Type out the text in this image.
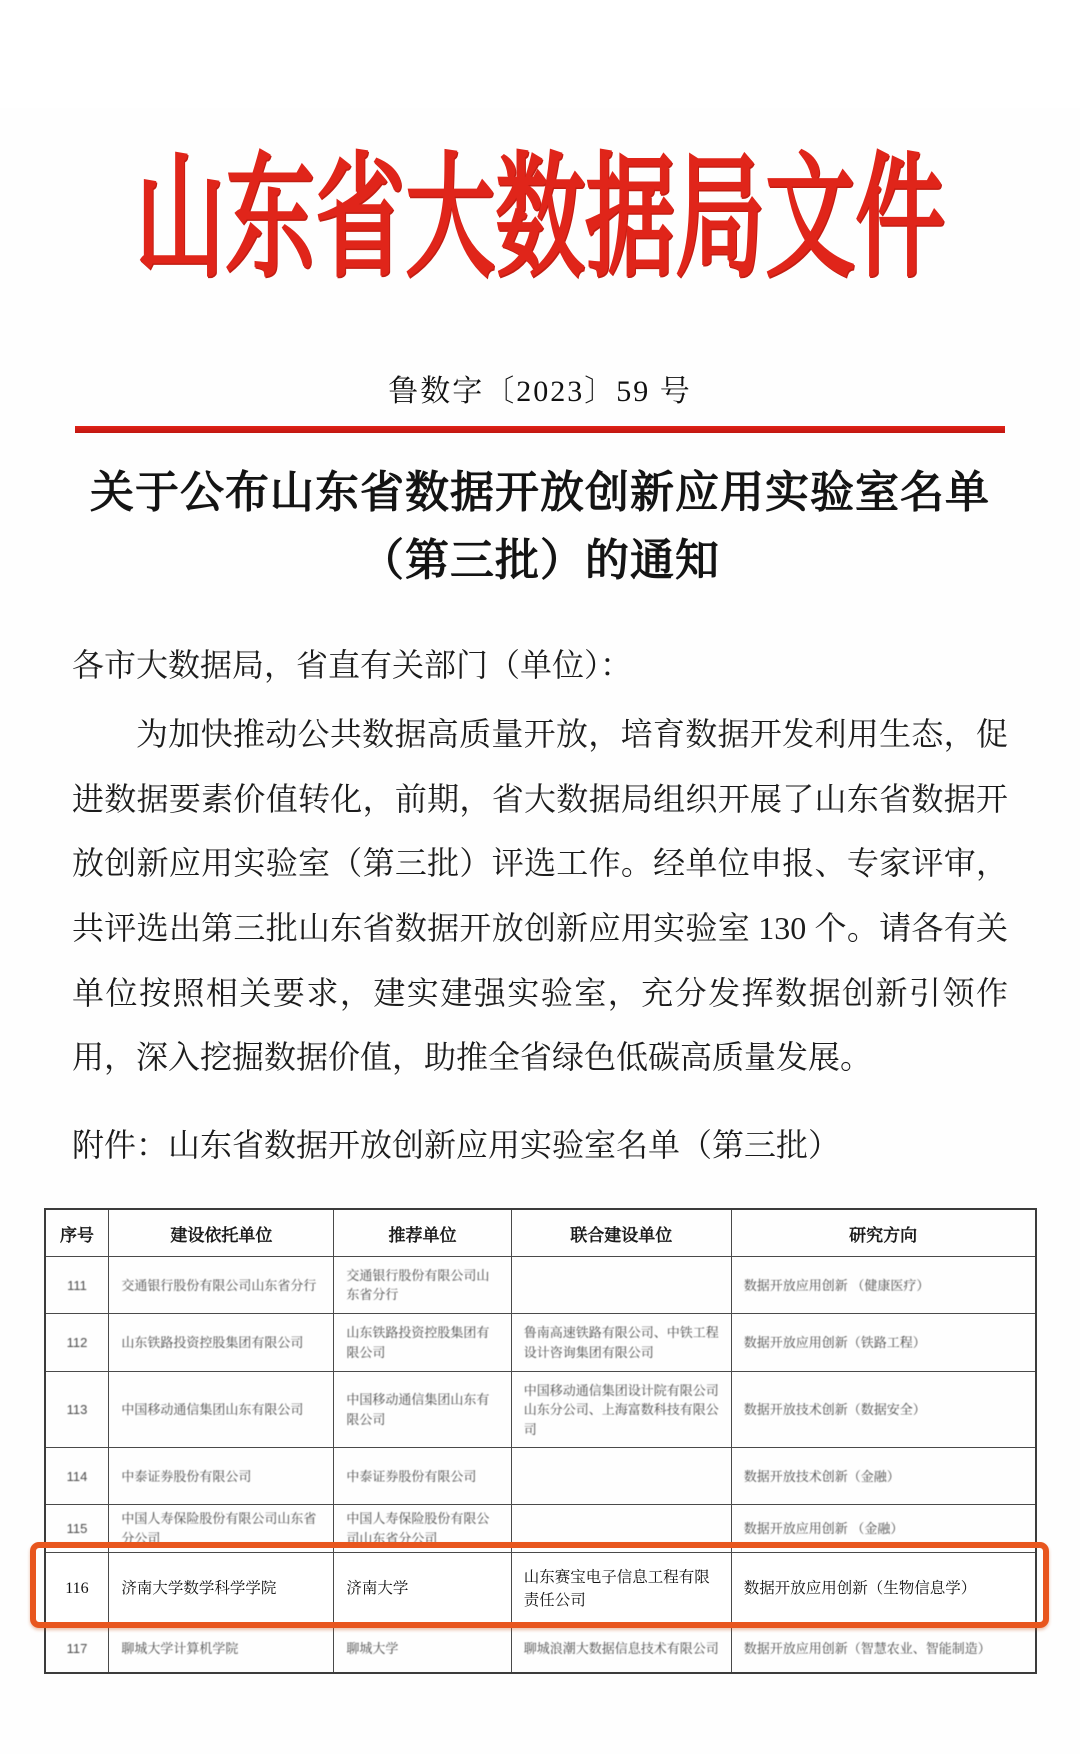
山东省大数据局文件
鲁数字〔2023〕59 号
关于公布山东省数据开放创新应用实验室名单
（第三批）的通知
各市大数据局，省直有关部门（单位）：
为加快推动公共数据高质量开放，培育数据开发利用生态，促进数据要素价值转化，前期，省大数据局组织开展了山东省数据开放创新应用实验室（第三批）评选工作。经单位申报、专家评审，共评选出第三批山东省数据开放创新应用实验室 130 个。请各有关单位按照相关要求，建实建强实验室，充分发挥数据创新引领作用，深入挖掘数据价值，助推全省绿色低碳高质量发展。
附件：山东省数据开放创新应用实验室名单（第三批）
序号	建设依托单位	推荐单位	联合建设单位	研究方向
111	交通银行股份有限公司山东省分行	交通银行股份有限公司山东省分行		数据开放应用创新 （健康医疗）
112	山东铁路投资控股集团有限公司	山东铁路投资控股集团有限公司	鲁南高速铁路有限公司、中铁工程设计咨询集团有限公司	数据开放应用创新（铁路工程）
113	中国移动通信集团山东有限公司	中国移动通信集团山东有限公司	中国移动通信集团设计院有限公司山东分公司、上海富数科技有限公司	数据开放技术创新（数据安全）
114	中泰证券股份有限公司	中泰证券股份有限公司		数据开放技术创新（金融）
115	中国人寿保险股份有限公司山东省分公司	中国人寿保险股份有限公司山东省分公司		数据开放应用创新 （金融）
116	济南大学数学科学学院	济南大学	山东赛宝电子信息工程有限责任公司	数据开放应用创新（生物信息学）
117	聊城大学计算机学院	聊城大学	聊城浪潮大数据信息技术有限公司	数据开放应用创新（智慧农业、智能制造）
